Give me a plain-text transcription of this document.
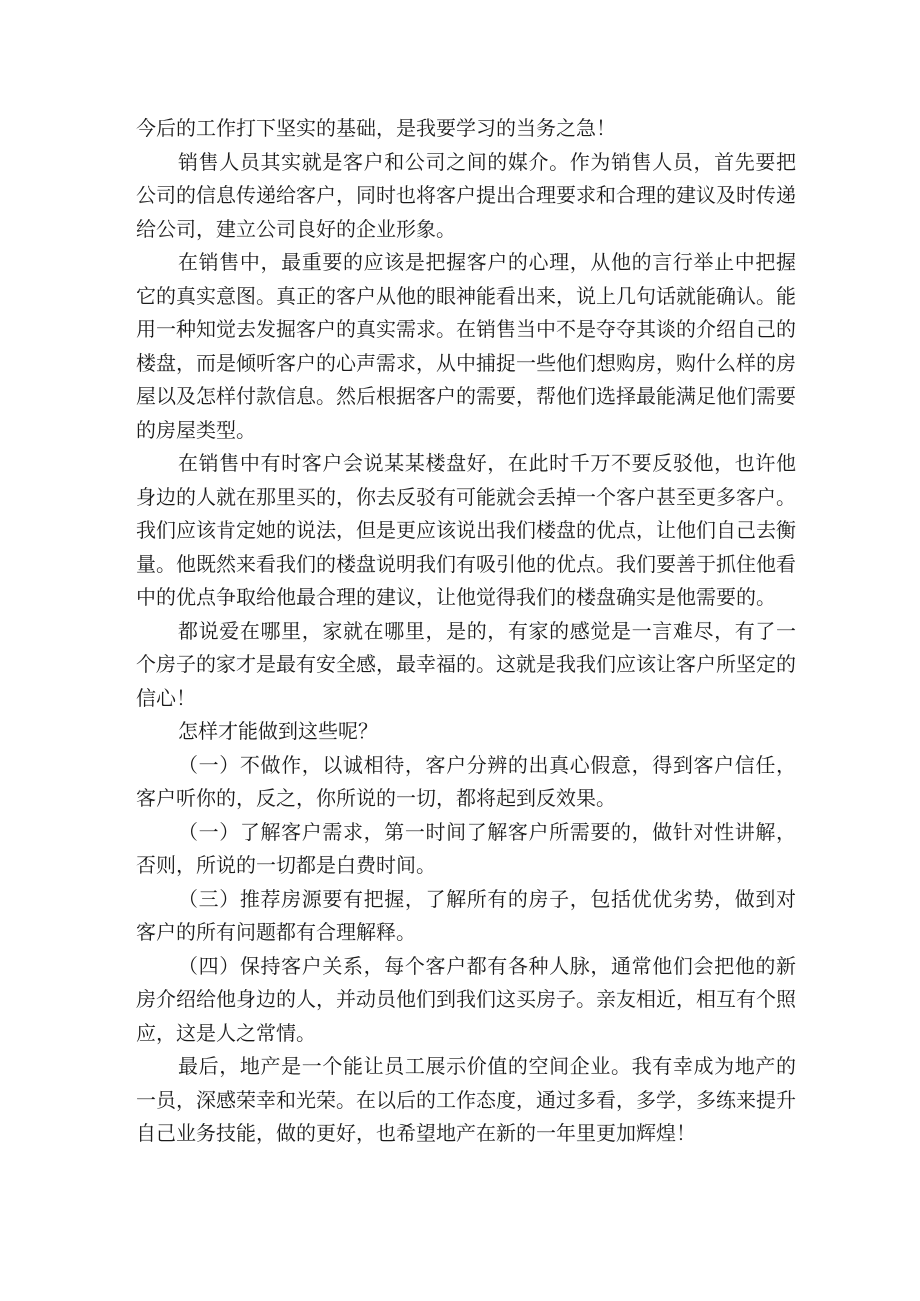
今后的工作打下坚实的基础，是我要学习的当务之急！

销售人员其实就是客户和公司之间的媒介。作为销售人员，首先要把公司的信息传递给客户，同时也将客户提出合理要求和合理的建议及时传递给公司，建立公司良好的企业形象。

在销售中，最重要的应该是把握客户的心理，从他的言行举止中把握它的真实意图。真正的客户从他的眼神能看出来，说上几句话就能确认。能用一种知觉去发掘客户的真实需求。在销售当中不是夺夺其谈的介绍自己的楼盘，而是倾听客户的心声需求，从中捕捉一些他们想购房，购什么样的房屋以及怎样付款信息。然后根据客户的需要，帮他们选择最能满足他们需要的房屋类型。

在销售中有时客户会说某某楼盘好，在此时千万不要反驳他，也许他身边的人就在那里买的，你去反驳有可能就会丢掉一个客户甚至更多客户。我们应该肯定她的说法，但是更应该说出我们楼盘的优点，让他们自己去衡量。他既然来看我们的楼盘说明我们有吸引他的优点。我们要善于抓住他看中的优点争取给他最合理的建议，让他觉得我们的楼盘确实是他需要的。

都说爱在哪里，家就在哪里，是的，有家的感觉是一言难尽，有了一个房子的家才是最有安全感，最幸福的。这就是我我们应该让客户所坚定的信心！

怎样才能做到这些呢？

（一）不做作，以诚相待，客户分辨的出真心假意，得到客户信任，客户听你的，反之，你所说的一切，都将起到反效果。

（一）了解客户需求，第一时间了解客户所需要的，做针对性讲解，否则，所说的一切都是白费时间。

（三）推荐房源要有把握，了解所有的房子，包括优优劣势，做到对客户的所有问题都有合理解释。

（四）保持客户关系，每个客户都有各种人脉，通常他们会把他的新房介绍给他身边的人，并动员他们到我们这买房子。亲友相近，相互有个照应，这是人之常情。

最后，地产是一个能让员工展示价值的空间企业。我有幸成为地产的一员，深感荣幸和光荣。在以后的工作态度，通过多看，多学，多练来提升自己业务技能，做的更好，也希望地产在新的一年里更加辉煌！
